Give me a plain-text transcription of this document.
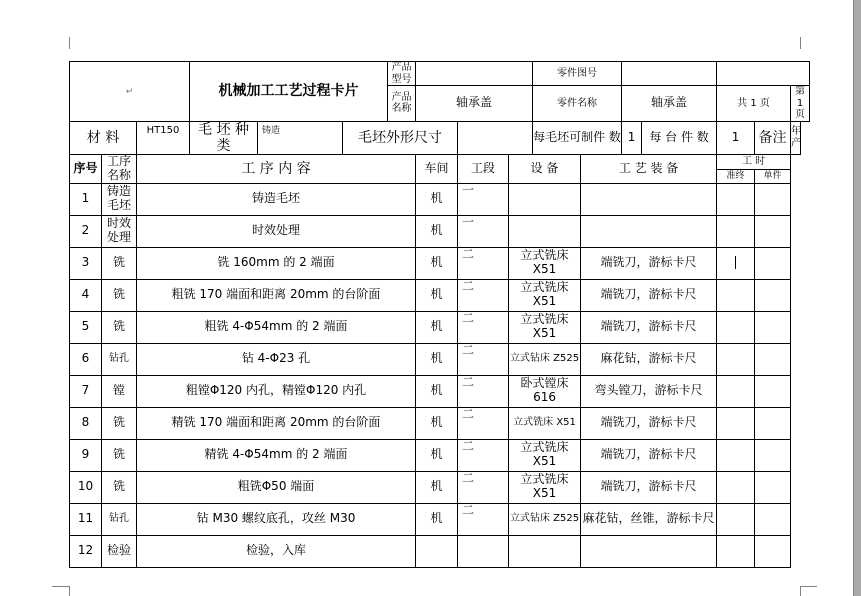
↵			机械加工工艺过程卡片			产品型号				零件图号						
						产品名称	轴承盖			零件名称		轴承盖		共 1 页		第 1 页
材 料		HT150	毛 坯 种 类	铸造	毛坯外形尺寸					每毛坯可制件 数		1	每 台 件 数	1	备注	年产
序号	工序名称	工 序 内 容					车间	工段	设 备		工 艺 装 备			工 时		
														准终	单件	
1	铸造毛坯	铸造毛坯					机	一								
2	时效处理	时效处理					机	一								
3	铣	铣 160mm 的 2 端面					机	二	立式铣床 X51		端铣刀，游标卡尺					
4	铣	粗铣 170 端面和距离 20mm 的台阶面					机	二	立式铣床 X51		端铣刀，游标卡尺					
5	铣	粗铣 4-Φ54mm 的 2 端面					机	二	立式铣床 X51		端铣刀，游标卡尺					
6	钻孔	钻 4-Φ23 孔					机	二	立式钻床 Z525		麻花钻，游标卡尺					
7	镗	粗镗Φ120 内孔，精镗Φ120 内孔					机	二	卧式镗床 616		弯头镗刀，游标卡尺					
8	铣	精铣 170 端面和距离 20mm 的台阶面					机	二	立式铣床 X51		端铣刀，游标卡尺					
9	铣	精铣 4-Φ54mm 的 2 端面					机	二	立式铣床 X51		端铣刀，游标卡尺					
10	铣	粗铣Φ50 端面					机	二	立式铣床 X51		端铣刀，游标卡尺					
11	钻孔	钻 M30 螺纹底孔，攻丝 M30					机	二	立式钻床 Z525		麻花钻，丝锥，游标卡尺					
12	检验	检验，入库														
